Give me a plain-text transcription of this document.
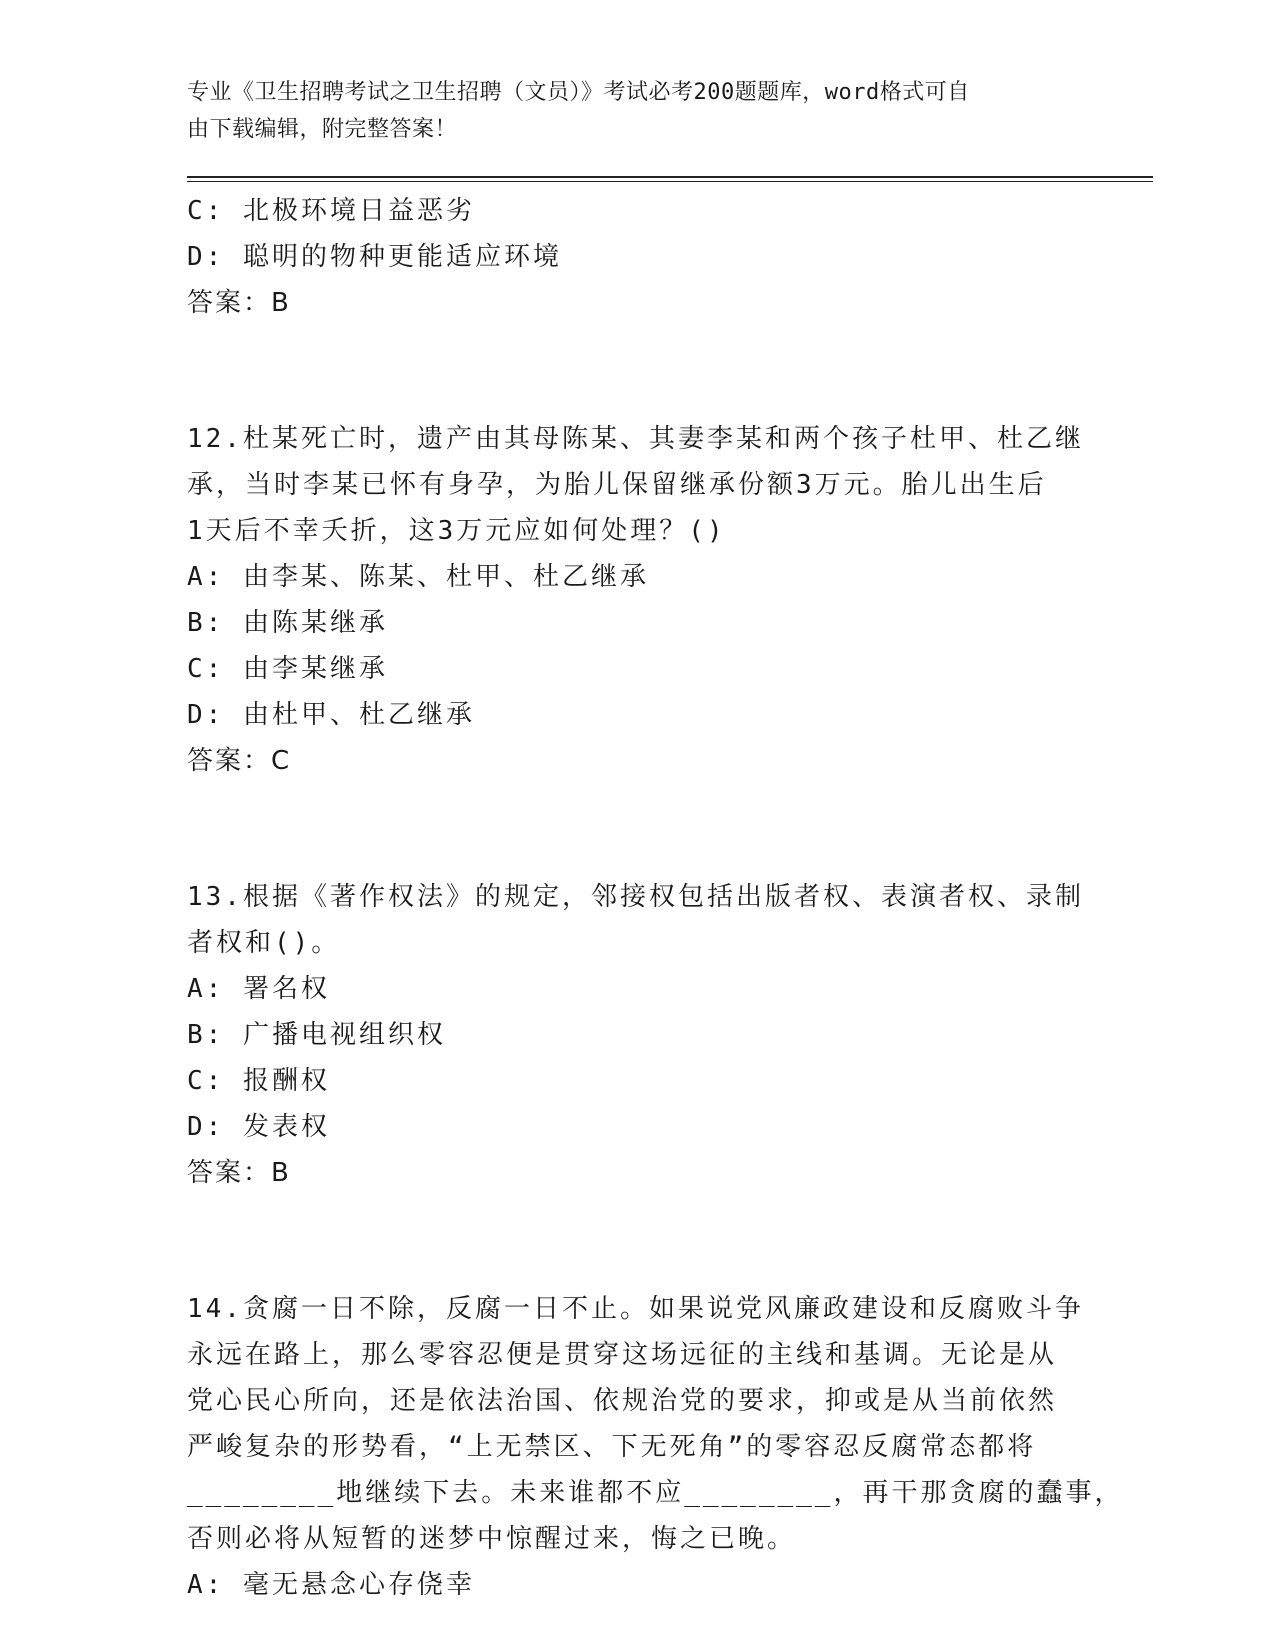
专业《卫生招聘考试之卫生招聘（文员）》考试必考200题题库，word格式可自
由下载编辑，附完整答案！
C: 北极环境日益恶劣
D: 聪明的物种更能适应环境
答案：B
12.杜某死亡时，遗产由其母陈某、其妻李某和两个孩子杜甲、杜乙继
承，当时李某已怀有身孕，为胎儿保留继承份额3万元。胎儿出生后
1天后不幸夭折，这3万元应如何处理？()
A: 由李某、陈某、杜甲、杜乙继承
B: 由陈某继承
C: 由李某继承
D: 由杜甲、杜乙继承
答案：C
13.根据《著作权法》的规定，邻接权包括出版者权、表演者权、录制
者权和()。
A: 署名权
B: 广播电视组织权
C: 报酬权
D: 发表权
答案：B
14.贪腐一日不除，反腐一日不止。如果说党风廉政建设和反腐败斗争
永远在路上，那么零容忍便是贯穿这场远征的主线和基调。无论是从
党心民心所向，还是依法治国、依规治党的要求，抑或是从当前依然
严峻复杂的形势看，“上无禁区、下无死角”的零容忍反腐常态都将
________地继续下去。未来谁都不应________，再干那贪腐的蠢事，
否则必将从短暂的迷梦中惊醒过来，悔之已晚。
A: 毫无悬念心存侥幸
